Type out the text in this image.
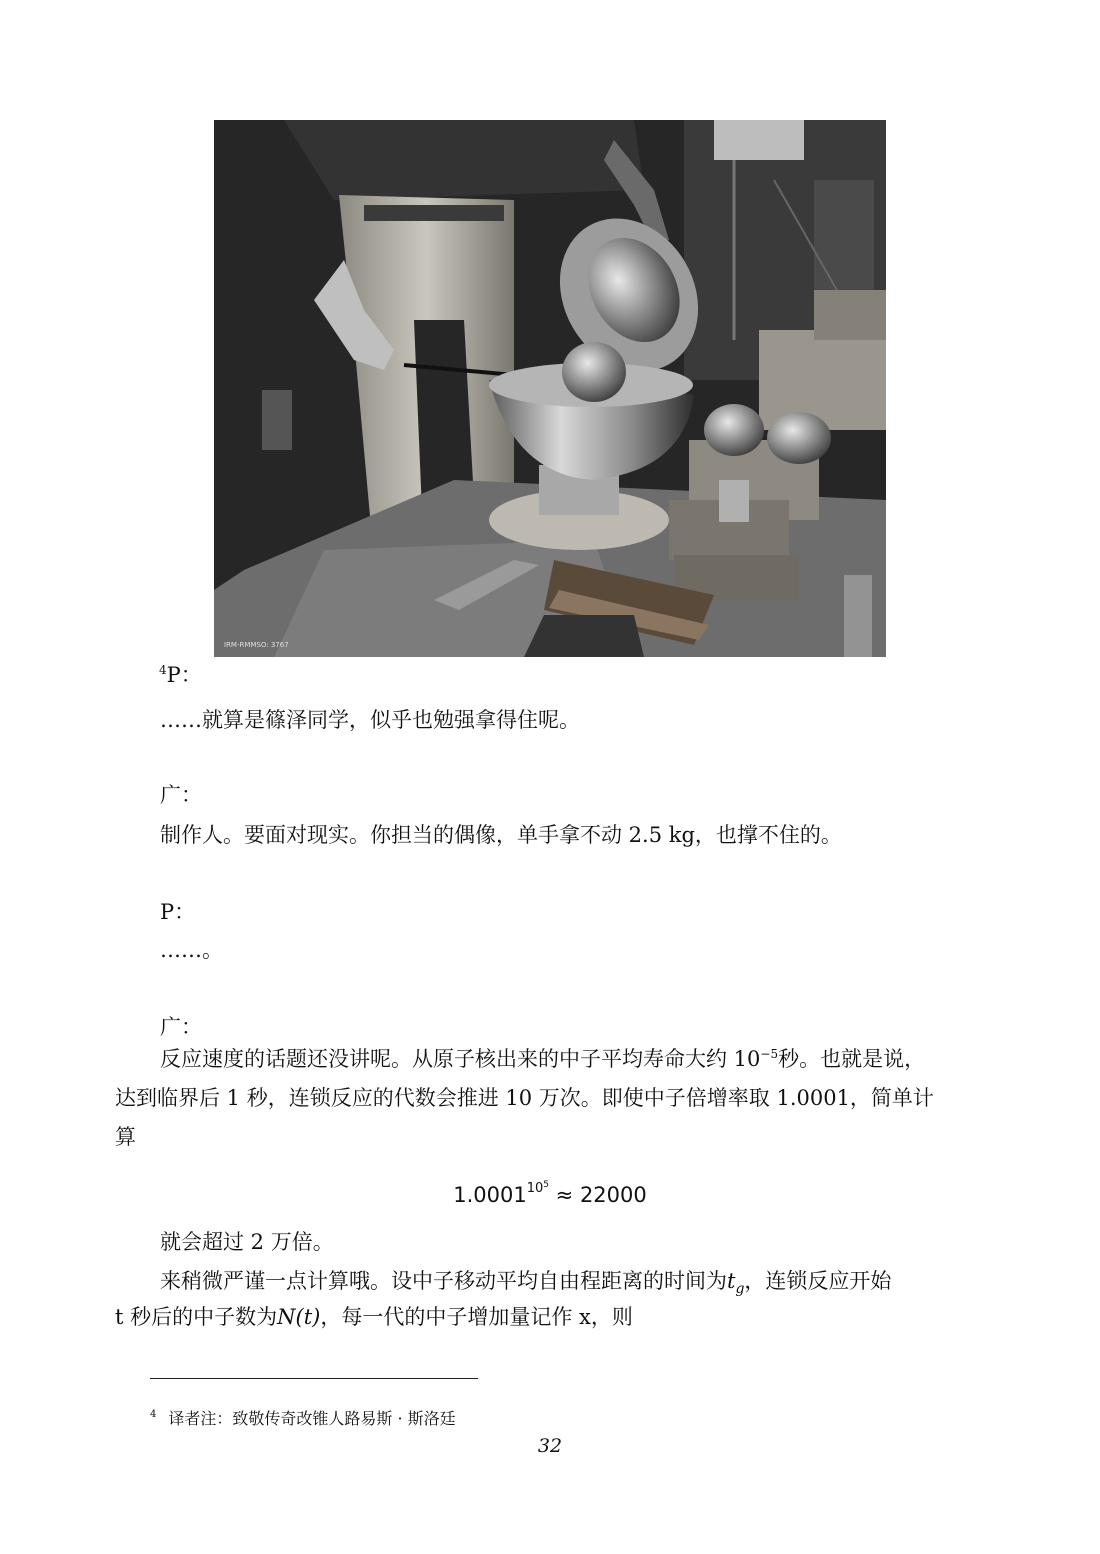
IRM-RMMSO: 3767
$^4$P：
……就算是篠泽同学，似乎也勉强拿得住呢。
广：
制作人。要面对现实。你担当的偶像，单手拿不动 2.5 kg，也撑不住的。
P：
……。
广：
反应速度的话题还没讲呢。从原子核出来的中子平均寿命大约 $10^{-5}$秒。也就是说，
达到临界后 1 秒，连锁反应的代数会推进 10 万次。即使中子倍增率取 1.0001，简单计
算
$1.0001^{10^5} \approx 22000$
就会超过 2 万倍。
来稍微严谨一点计算哦。设中子移动平均自由程距离的时间为$t_g$，连锁反应开始
t 秒后的中子数为N(t)，每一代的中子增加量记作 x，则
$^4$ 译者注：致敬传奇改锥人路易斯 · 斯洛廷
32
